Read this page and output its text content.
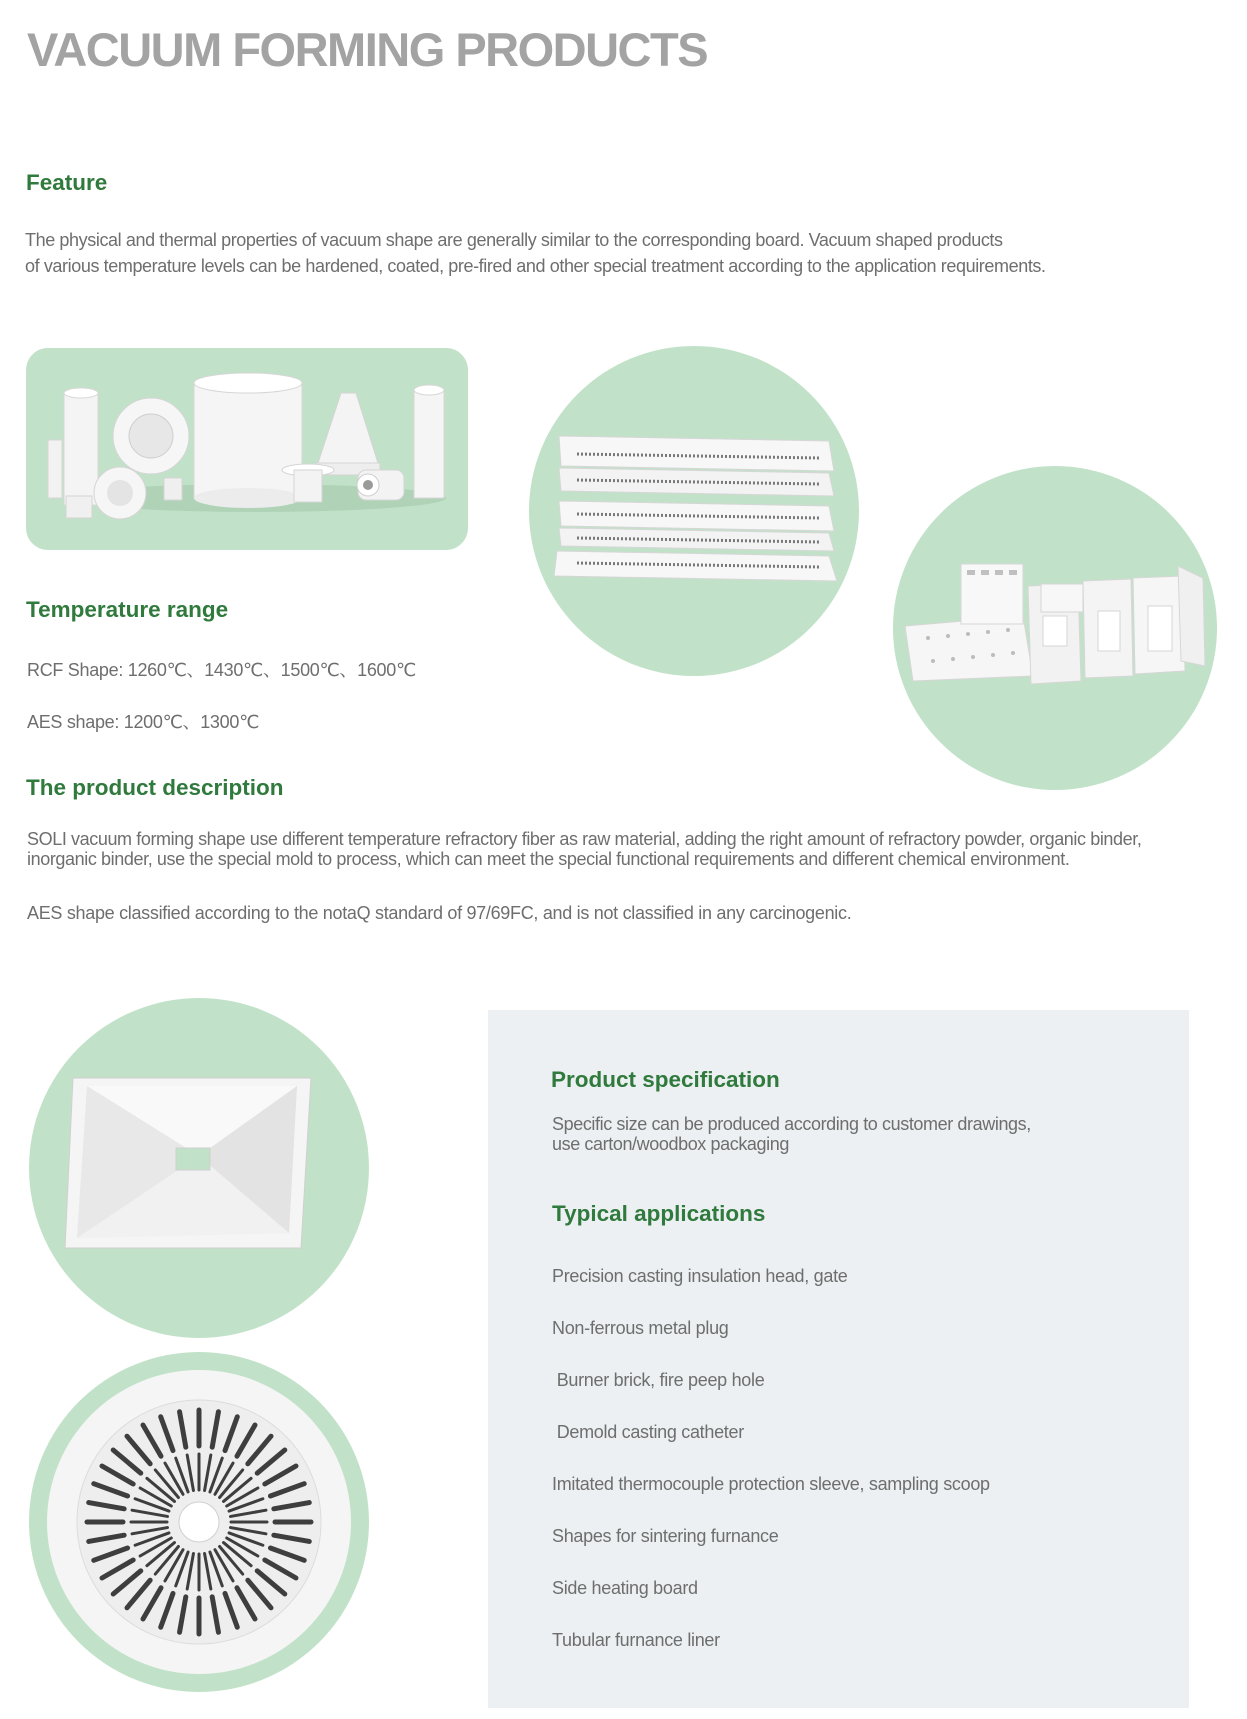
VACUUM FORMING PRODUCTS
Feature
The physical and thermal properties of vacuum shape are generally similar to the corresponding board. Vacuum shaped products
of various temperature levels can be hardened, coated, pre-fired and other special treatment according to the application requirements.
Temperature range
RCF Shape: 1260℃、1430℃、1500℃、1600℃
AES shape: 1200℃、1300℃
The product description
SOLI vacuum forming shape use different temperature refractory fiber as raw material, adding the right amount of refractory powder, organic binder,
inorganic binder, use the special mold to process, which can meet the special functional requirements and different chemical environment.
AES shape classified according to the notaQ standard of 97/69FC, and is not classified in any carcinogenic.
Product specification
Specific size can be produced according to customer drawings,
use carton/woodbox packaging
Typical applications
Precision casting insulation head, gate
Non-ferrous metal plug
Burner brick, fire peep hole
Demold casting catheter
Imitated thermocouple protection sleeve, sampling scoop
Shapes for sintering furnance
Side heating board
Tubular furnance liner
